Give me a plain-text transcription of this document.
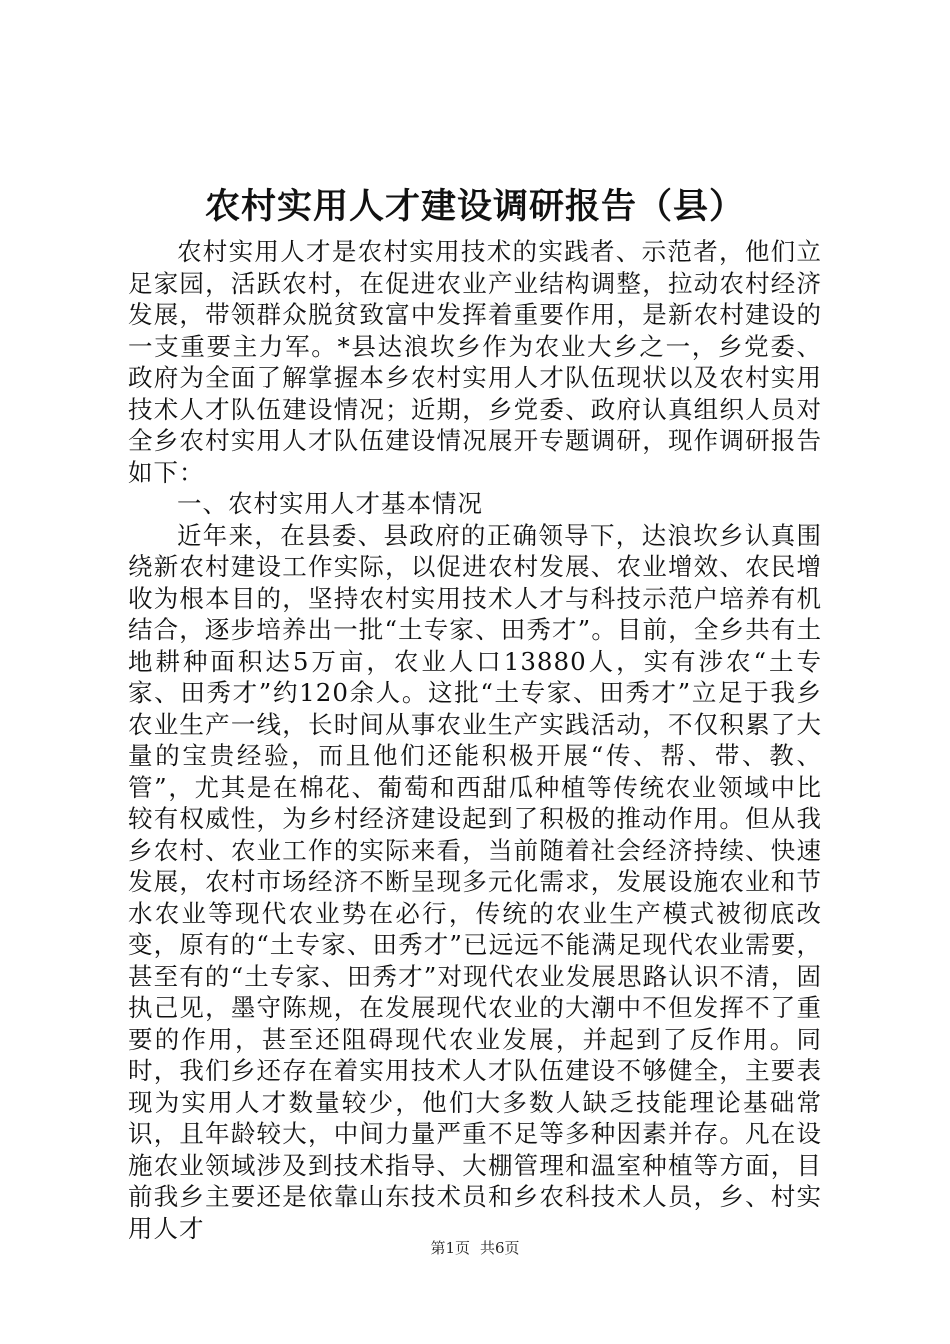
农村实用人才建设调研报告（县）

农村实用人才是农村实用技术的实践者、示范者，他们立足家园，活跃农村，在促进农业产业结构调整，拉动农村经济发展，带领群众脱贫致富中发挥着重要作用，是新农村建设的一支重要主力军。*县达浪坎乡作为农业大乡之一，乡党委、政府为全面了解掌握本乡农村实用人才队伍现状以及农村实用技术人才队伍建设情况；近期，乡党委、政府认真组织人员对全乡农村实用人才队伍建设情况展开专题调研，现作调研报告如下：

一、农村实用人才基本情况

近年来，在县委、县政府的正确领导下，达浪坎乡认真围绕新农村建设工作实际，以促进农村发展、农业增效、农民增收为根本目的，坚持农村实用技术人才与科技示范户培养有机结合，逐步培养出一批“土专家、田秀才”。目前，全乡共有土地耕种面积达5万亩，农业人口13880人，实有涉农“土专家、田秀才”约120余人。这批“土专家、田秀才”立足于我乡农业生产一线，长时间从事农业生产实践活动，不仅积累了大量的宝贵经验，而且他们还能积极开展“传、帮、带、教、管”，尤其是在棉花、葡萄和西甜瓜种植等传统农业领域中比较有权威性，为乡村经济建设起到了积极的推动作用。但从我乡农村、农业工作的实际来看，当前随着社会经济持续、快速发展，农村市场经济不断呈现多元化需求，发展设施农业和节水农业等现代农业势在必行，传统的农业生产模式被彻底改变，原有的“土专家、田秀才”已远远不能满足现代农业需要，甚至有的“土专家、田秀才”对现代农业发展思路认识不清，固执己见，墨守陈规，在发展现代农业的大潮中不但发挥不了重要的作用，甚至还阻碍现代农业发展，并起到了反作用。同时，我们乡还存在着实用技术人才队伍建设不够健全，主要表现为实用人才数量较少，他们大多数人缺乏技能理论基础常识，且年龄较大，中间力量严重不足等多种因素并存。凡在设施农业领域涉及到技术指导、大棚管理和温室种植等方面，目前我乡主要还是依靠山东技术员和乡农科技术人员，乡、村实用人才

第1页 共6页
